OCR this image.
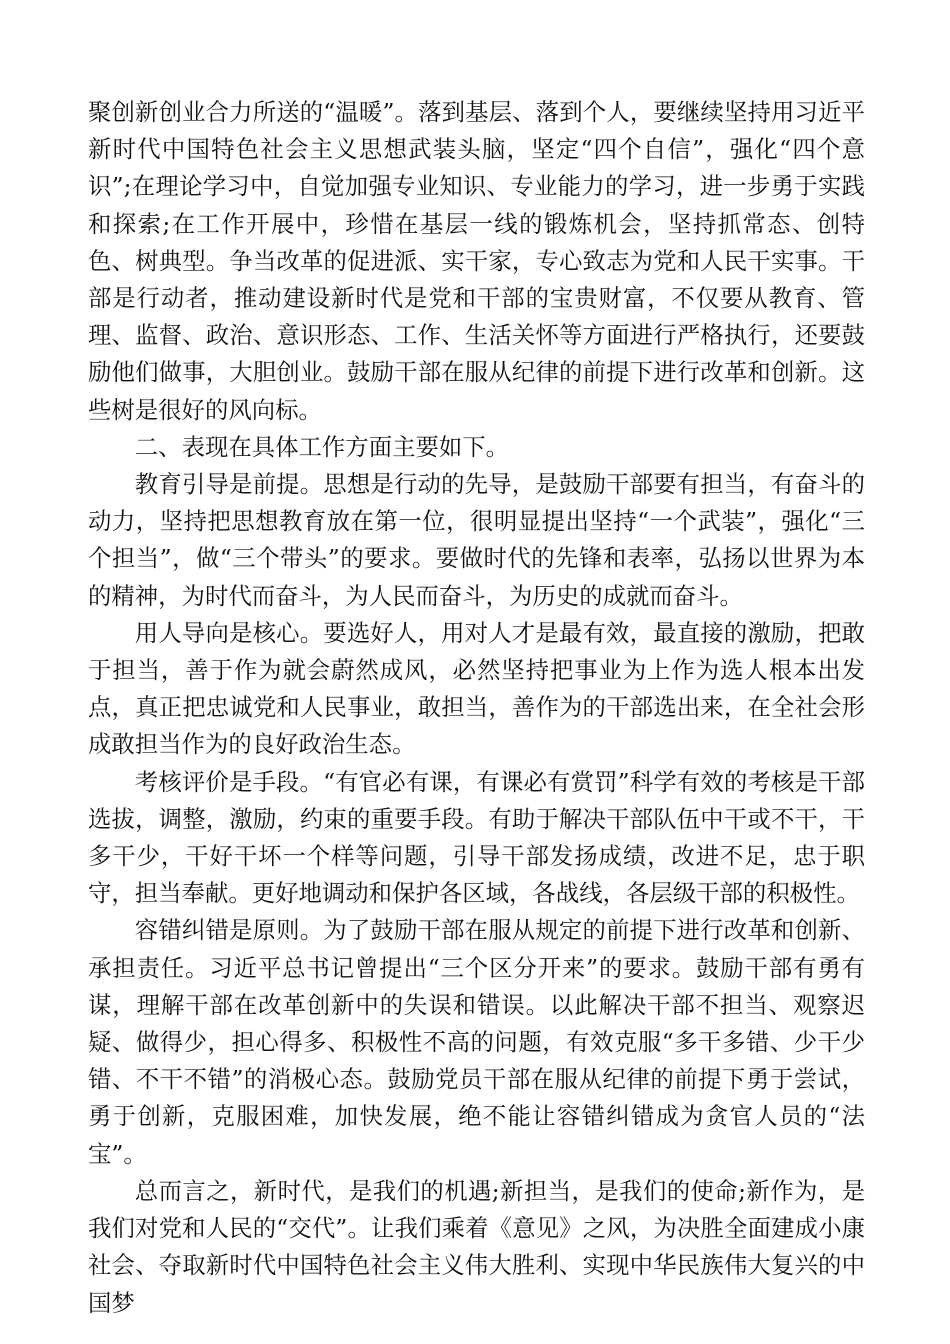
聚创新创业合力所送的“温暖”。落到基层、落到个人，要继续坚持用习近平新时代中国特色社会主义思想武装头脑，坚定“四个自信”，强化“四个意识”;在理论学习中，自觉加强专业知识、专业能力的学习，进一步勇于实践和探索;在工作开展中，珍惜在基层一线的锻炼机会，坚持抓常态、创特色、树典型。争当改革的促进派、实干家，专心致志为党和人民干实事。干部是行动者，推动建设新时代是党和干部的宝贵财富，不仅要从教育、管理、监督、政治、意识形态、工作、生活关怀等方面进行严格执行，还要鼓励他们做事，大胆创业。鼓励干部在服从纪律的前提下进行改革和创新。这些树是很好的风向标。

二、表现在具体工作方面主要如下。

教育引导是前提。思想是行动的先导，是鼓励干部要有担当，有奋斗的动力，坚持把思想教育放在第一位，很明显提出坚持“一个武装”，强化“三个担当”，做“三个带头”的要求。要做时代的先锋和表率，弘扬以世界为本的精神，为时代而奋斗，为人民而奋斗，为历史的成就而奋斗。

用人导向是核心。要选好人，用对人才是最有效，最直接的激励，把敢于担当，善于作为就会蔚然成风，必然坚持把事业为上作为选人根本出发点，真正把忠诚党和人民事业，敢担当，善作为的干部选出来，在全社会形成敢担当作为的良好政治生态。

考核评价是手段。“有官必有课，有课必有赏罚”科学有效的考核是干部选拔，调整，激励，约束的重要手段。有助于解决干部队伍中干或不干，干多干少，干好干坏一个样等问题，引导干部发扬成绩，改进不足，忠于职守，担当奉献。更好地调动和保护各区域，各战线，各层级干部的积极性。

容错纠错是原则。为了鼓励干部在服从规定的前提下进行改革和创新、承担责任。习近平总书记曾提出“三个区分开来”的要求。鼓励干部有勇有谋，理解干部在改革创新中的失误和错误。以此解决干部不担当、观察迟疑、做得少，担心得多、积极性不高的问题，有效克服“多干多错、少干少错、不干不错”的消极心态。鼓励党员干部在服从纪律的前提下勇于尝试，勇于创新，克服困难，加快发展，绝不能让容错纠错成为贪官人员的“法宝”。

总而言之，新时代，是我们的机遇;新担当，是我们的使命;新作为，是我们对党和人民的“交代”。让我们乘着《意见》之风，为决胜全面建成小康社会、夺取新时代中国特色社会主义伟大胜利、实现中华民族伟大复兴的中国梦
